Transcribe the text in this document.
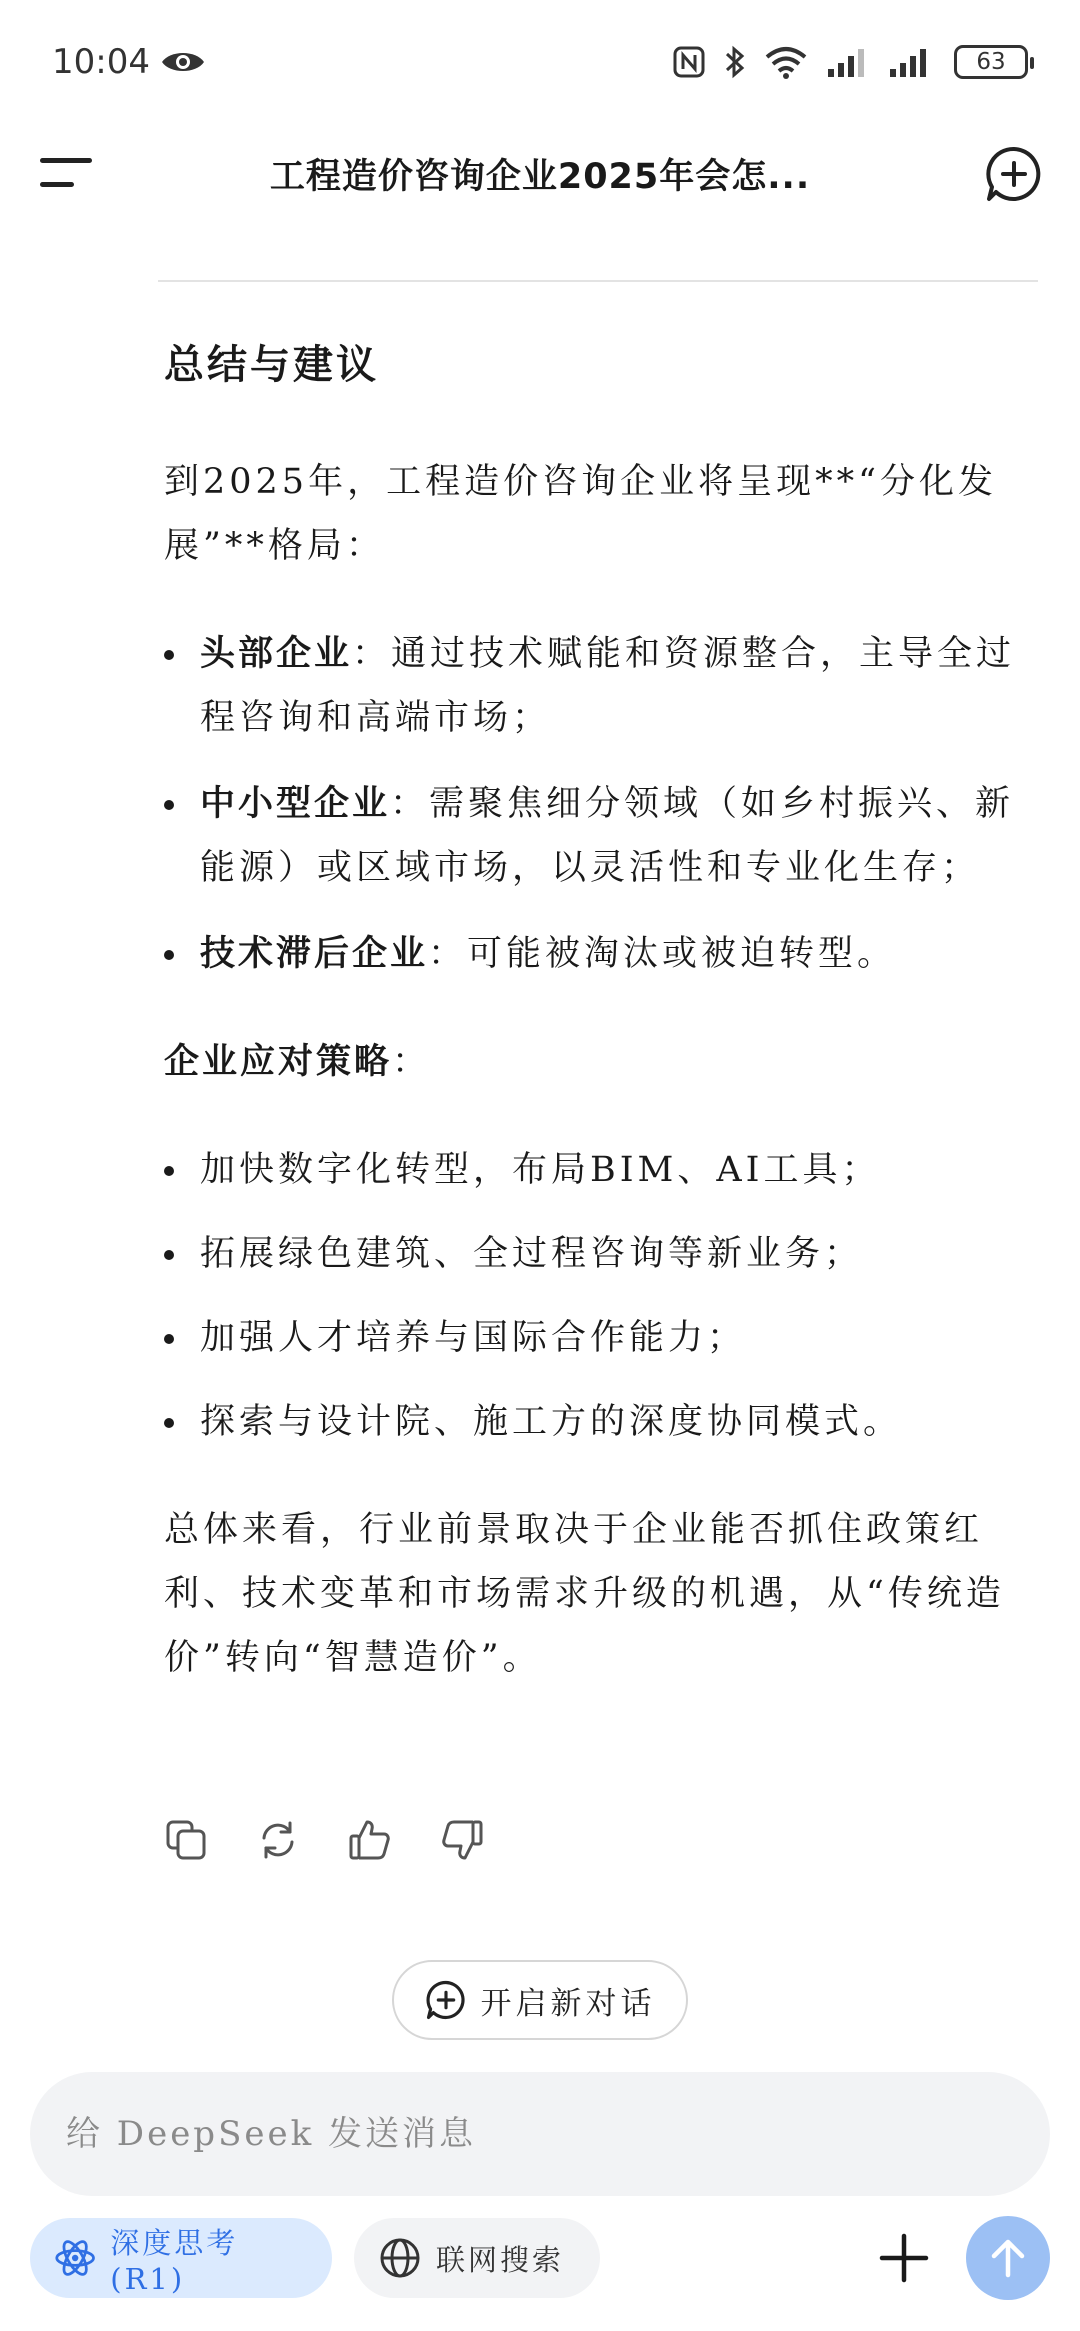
10:04	63
工程造价咨询企业2025年会怎...
总结与建议
到2025年，工程造价咨询企业将呈现**“分化发展”**格局：
头部企业：通过技术赋能和资源整合，主导全过程咨询和高端市场；
中小型企业：需聚焦细分领域（如乡村振兴、新能源）或区域市场，以灵活性和专业化生存；
技术滞后企业：可能被淘汰或被迫转型。
企业应对策略：
加快数字化转型，布局BIM、AI工具；
拓展绿色建筑、全过程咨询等新业务；
加强人才培养与国际合作能力；
探索与设计院、施工方的深度协同模式。
总体来看，行业前景取决于企业能否抓住政策红利、技术变革和市场需求升级的机遇，从“传统造价”转向“智慧造价”。
开启新对话
给 DeepSeek 发送消息
深度思考 (R1)
联网搜索
